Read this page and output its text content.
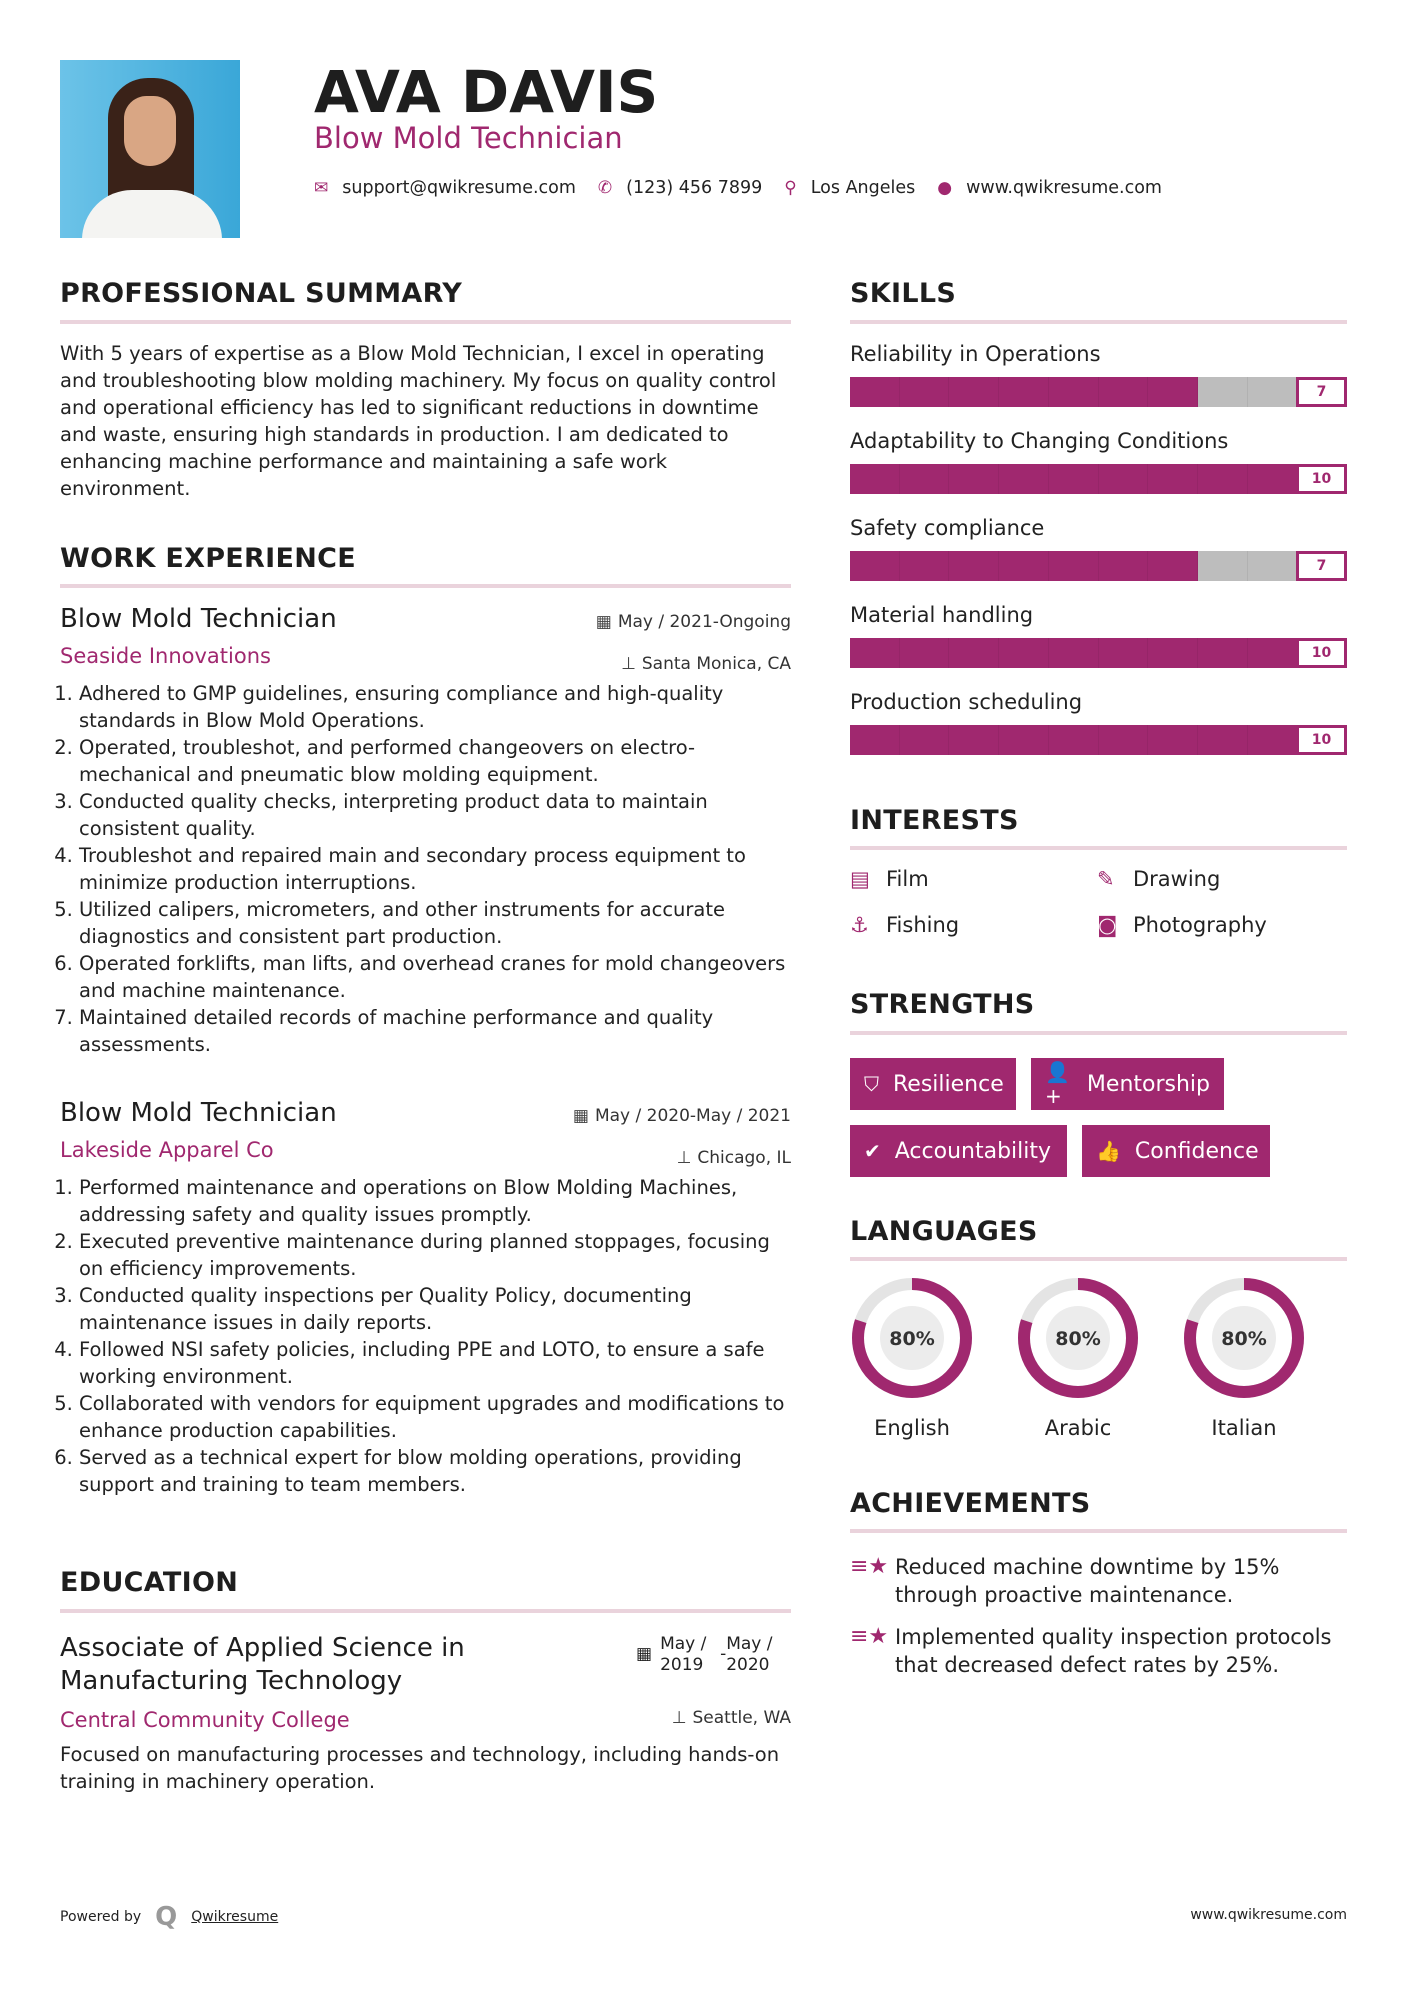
AVA DAVIS
Blow Mold Technician
✉ support@qwikresume.com ✆ (123) 456 7899 ⚲ Los Angeles ● www.qwikresume.com
PROFESSIONAL SUMMARY
With 5 years of expertise as a Blow Mold Technician, I excel in operating and troubleshooting blow molding machinery. My focus on quality control and operational efficiency has led to significant reductions in downtime and waste, ensuring high standards in production. I am dedicated to enhancing machine performance and maintaining a safe work environment.
WORK EXPERIENCE
Blow Mold Technician	▦ May / 2021-Ongoing
Seaside Innovations	⊥ Santa Monica, CA
1. Adhered to GMP guidelines, ensuring compliance and high-quality standards in Blow Mold Operations.
2. Operated, troubleshot, and performed changeovers on electro-mechanical and pneumatic blow molding equipment.
3. Conducted quality checks, interpreting product data to maintain consistent quality.
4. Troubleshot and repaired main and secondary process equipment to minimize production interruptions.
5. Utilized calipers, micrometers, and other instruments for accurate diagnostics and consistent part production.
6. Operated forklifts, man lifts, and overhead cranes for mold changeovers and machine maintenance.
7. Maintained detailed records of machine performance and quality assessments.
Blow Mold Technician	▦ May / 2020-May / 2021
Lakeside Apparel Co	⊥ Chicago, IL
1. Performed maintenance and operations on Blow Molding Machines, addressing safety and quality issues promptly.
2. Executed preventive maintenance during planned stoppages, focusing on efficiency improvements.
3. Conducted quality inspections per Quality Policy, documenting maintenance issues in daily reports.
4. Followed NSI safety policies, including PPE and LOTO, to ensure a safe working environment.
5. Collaborated with vendors for equipment upgrades and modifications to enhance production capabilities.
6. Served as a technical expert for blow molding operations, providing support and training to team members.
EDUCATION
Associate of Applied Science in Manufacturing Technology
▦ May / 2019
- May / 2020
Central Community College	⊥ Seattle, WA
Focused on manufacturing processes and technology, including hands-on training in machinery operation.
SKILLS
Reliability in Operations
7
Adaptability to Changing Conditions
10
Safety compliance
7
Material handling
10
Production scheduling
10
INTERESTS
▤ Film	✎ Drawing
⚓ Fishing	◙ Photography
STRENGTHS
⛉ Resilience 👤+	Mentorship
✔ Accountability 👍 Confidence
LANGUAGES
80%
English
80%
Arabic
80%
Italian
ACHIEVEMENTS
≡★ Reduced machine downtime by 15% through proactive maintenance.
≡★ Implemented quality inspection protocols that decreased defect rates by 25%.
Powered by Q Qwikresume	www.qwikresume.com
